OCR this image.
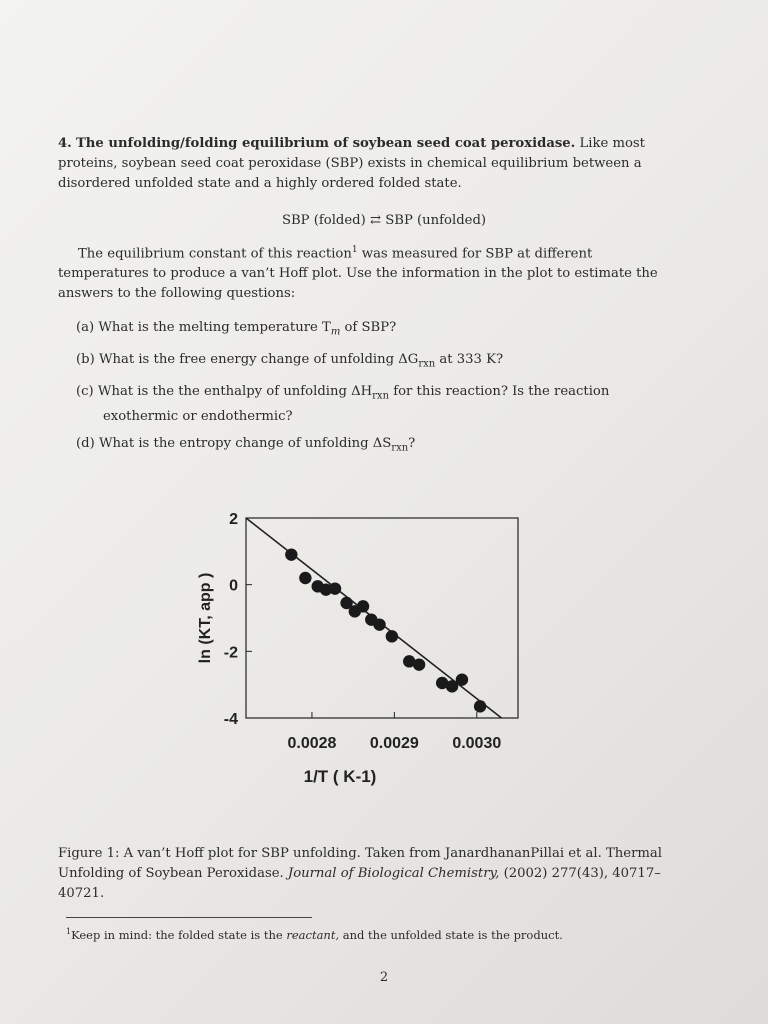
4. The unfolding/folding equilibrium of soybean seed coat peroxidase. Like most proteins, soybean seed coat peroxidase (SBP) exists in chemical equilibrium between a disordered unfolded state and a highly ordered folded state.
SBP (folded) ⇄ SBP (unfolded)
The equilibrium constant of this reaction$^1$ was measured for SBP at different temperatures to produce a van’t Hoff plot. Use the information in the plot to estimate the answers to the following questions:
(a) What is the melting temperature $T_m$ of SBP?
(b) What is the free energy change of unfolding $\Delta G_{rxn}$ at 333 K?
(c) What is the the enthalpy of unfolding $\Delta H_{rxn}$ for this reaction? Is the reaction exothermic or endothermic?
(d) What is the entropy change of unfolding $\Delta S_{rxn}$?
2
0
-2
-4
0.0028 0.0029 0.0030
1/T ( K-1)
ln (KT, app )
Figure 1: A van’t Hoff plot for SBP unfolding. Taken from JanardhananPillai et al. Thermal Unfolding of Soybean Peroxidase. Journal of Biological Chemistry, (2002) 277(43), 40717–40721.
$^1$Keep in mind: the folded state is the reactant, and the unfolded state is the product.
2
